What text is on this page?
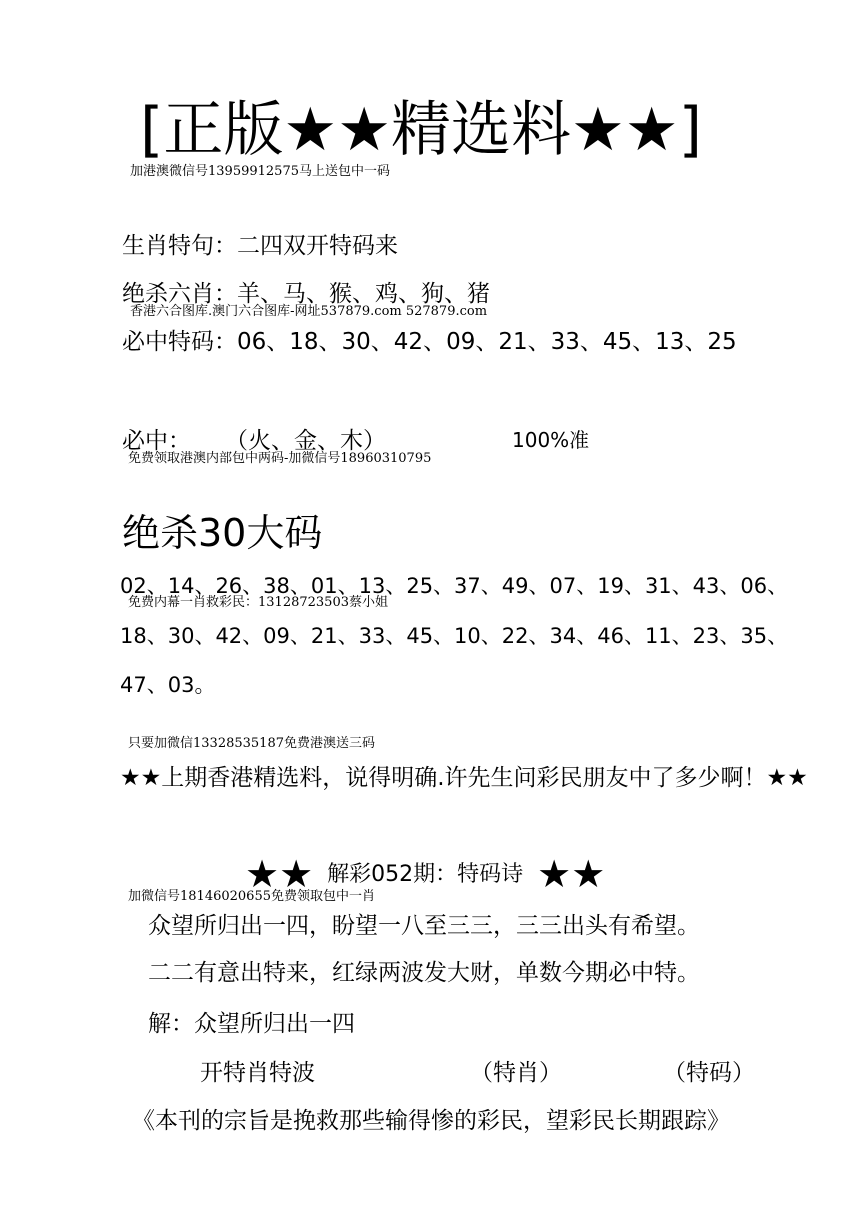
[正版★★精选料★★]
加港澳微信号13959912575马上送包中一码
生肖特句：二四双开特码来
绝杀六肖：羊、马、猴、鸡、狗、猪
香港六合图库.澳门六合图库-网址537879.com 527879.com
必中特码：06、18、30、42、09、21、33、45、13、25
必中： （火、金、木）	100%准
免费领取港澳内部包中两码-加微信号18960310795
绝杀30大码
02、14、26、38、01、13、25、37、49、07、19、31、43、06、
免费内幕一肖救彩民：13128723503蔡小姐
18、30、42、09、21、33、45、10、22、34、46、11、23、35、
47、03。
只要加微信13328535187免费港澳送三码
★★上期香港精选料，说得明确.许先生问彩民朋友中了多少啊！★★
★★ 解彩052期：特码诗 ★★
加微信号18146020655免费领取包中一肖
众望所归出一四，盼望一八至三三，三三出头有希望。
二二有意出特来，红绿两波发大财，单数今期必中特。
解：众望所归出一四
开特肖特波	（特肖）	（特码）
《本刊的宗旨是挽救那些输得惨的彩民，望彩民长期跟踪》
